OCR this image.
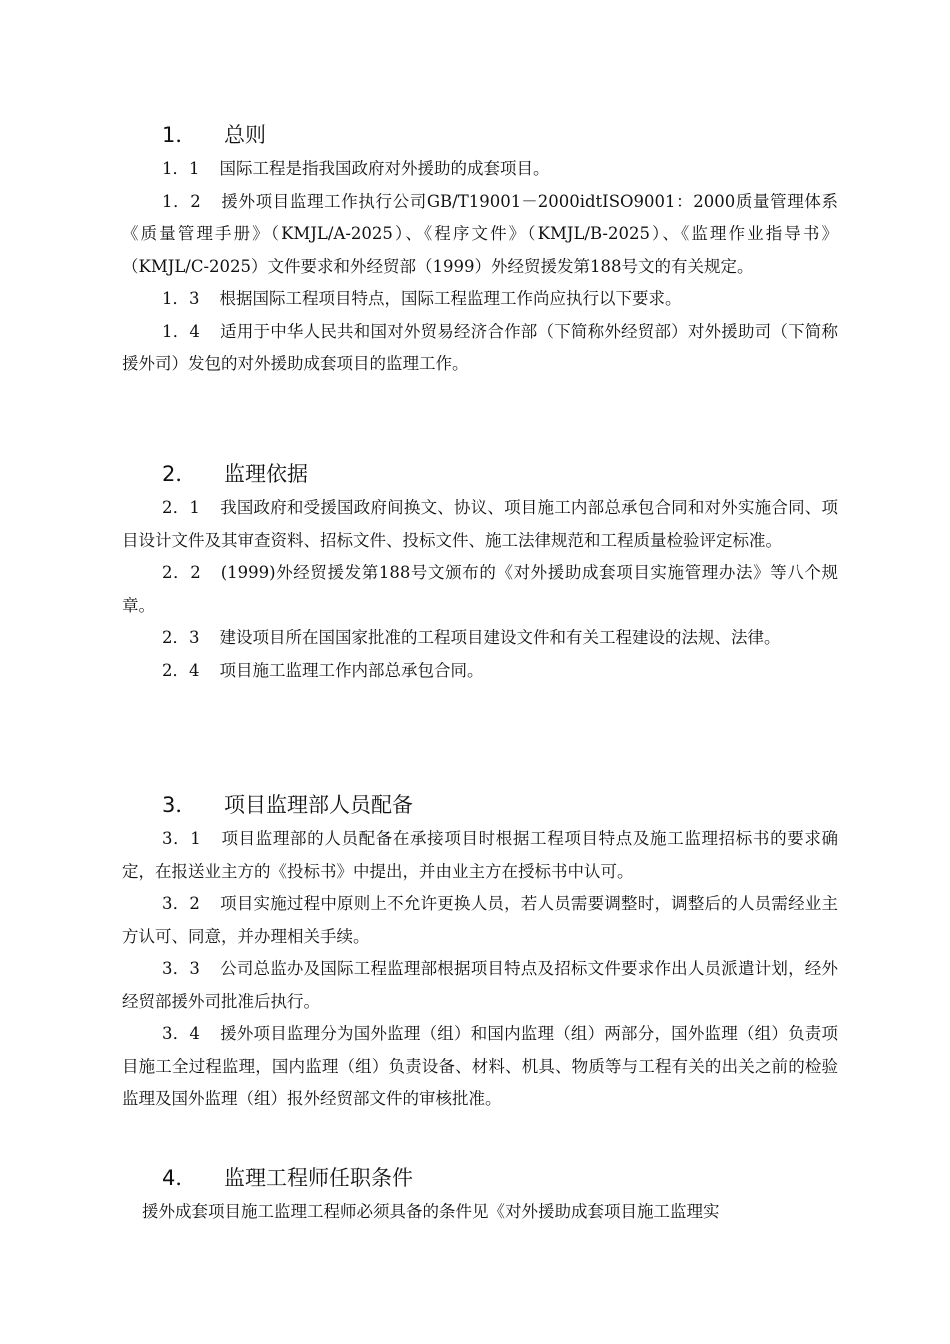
1． 总则

1．1 国际工程是指我国政府对外援助的成套项目。

1．2 援外项目监理工作执行公司GB/T19001－2000idtISO9001：2000质量管理体系《质量管理手册》（KMJL/A-2025）、《程序文件》（KMJL/B-2025）、《监理作业指导书》（KMJL/C-2025）文件要求和外经贸部（1999）外经贸援发第188号文的有关规定。

1．3 根据国际工程项目特点，国际工程监理工作尚应执行以下要求。

1．4 适用于中华人民共和国对外贸易经济合作部（下简称外经贸部）对外援助司（下简称援外司）发包的对外援助成套项目的监理工作。

2． 监理依据

2．1 我国政府和受援国政府间换文、协议、项目施工内部总承包合同和对外实施合同、项目设计文件及其审查资料、招标文件、投标文件、施工法律规范和工程质量检验评定标准。

2．2 (1999)外经贸援发第188号文颁布的《对外援助成套项目实施管理办法》等八个规章。

2．3 建设项目所在国国家批准的工程项目建设文件和有关工程建设的法规、法律。

2．4 项目施工监理工作内部总承包合同。

3． 项目监理部人员配备

3．1 项目监理部的人员配备在承接项目时根据工程项目特点及施工监理招标书的要求确定，在报送业主方的《投标书》中提出，并由业主方在授标书中认可。

3．2 项目实施过程中原则上不允许更换人员，若人员需要调整时，调整后的人员需经业主方认可、同意，并办理相关手续。

3．3 公司总监办及国际工程监理部根据项目特点及招标文件要求作出人员派遣计划，经外经贸部援外司批准后执行。

3．4 援外项目监理分为国外监理（组）和国内监理（组）两部分，国外监理（组）负责项目施工全过程监理，国内监理（组）负责设备、材料、机具、物质等与工程有关的出关之前的检验监理及国外监理（组）报外经贸部文件的审核批准。

4． 监理工程师任职条件

援外成套项目施工监理工程师必须具备的条件见《对外援助成套项目施工监理实
